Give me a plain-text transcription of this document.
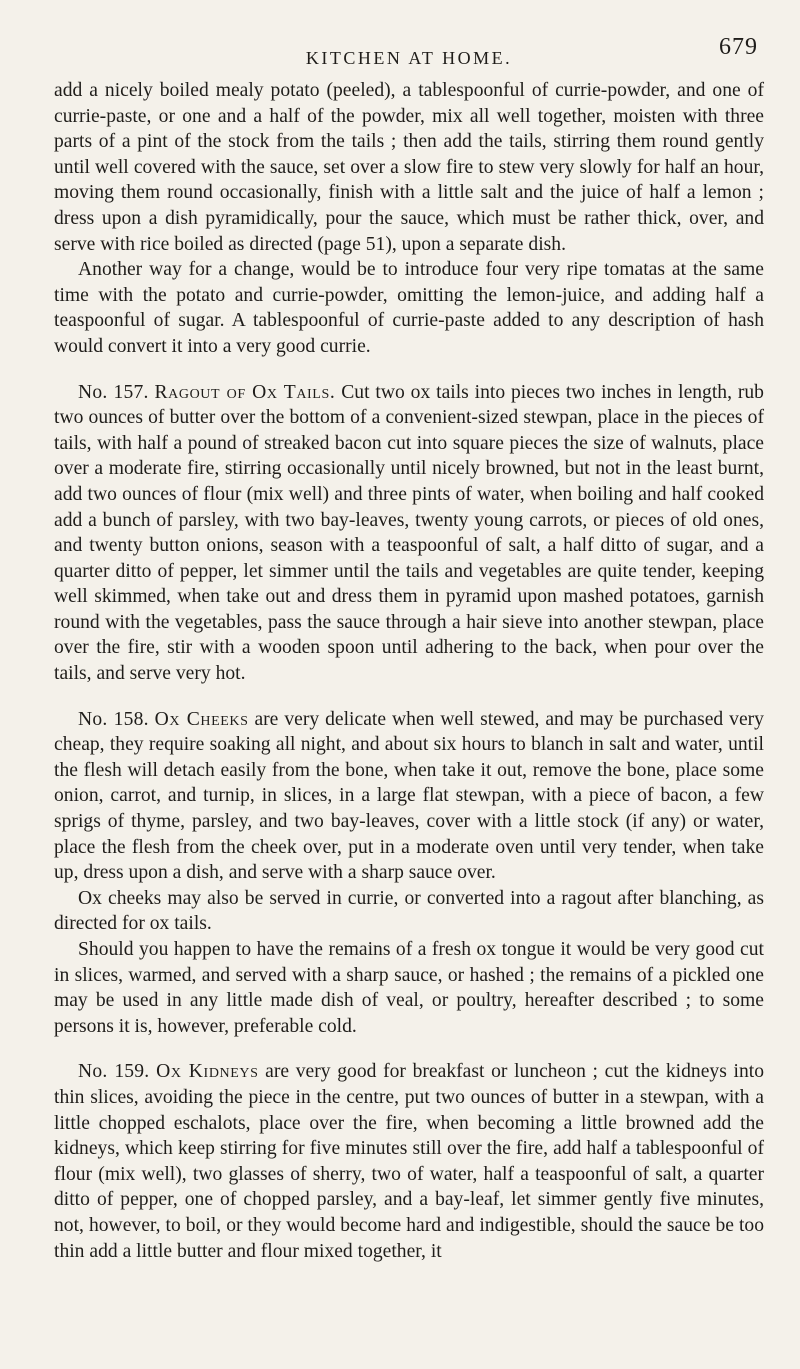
KITCHEN AT HOME.	679

add a nicely boiled mealy potato (peeled), a tablespoonful of currie-powder, and one of currie-paste, or one and a half of the powder, mix all well together, moisten with three parts of a pint of the stock from the tails ; then add the tails, stirring them round gently until well covered with the sauce, set over a slow fire to stew very slowly for half an hour, moving them round occasionally, finish with a little salt and the juice of half a lemon ; dress upon a dish pyramidically, pour the sauce, which must be rather thick, over, and serve with rice boiled as directed (page 51), upon a separate dish.

Another way for a change, would be to introduce four very ripe tomatas at the same time with the potato and currie-powder, omitting the lemon-juice, and adding half a teaspoonful of sugar. A tablespoonful of currie-paste added to any description of hash would convert it into a very good currie.

No. 157. Ragout of Ox Tails. Cut two ox tails into pieces two inches in length, rub two ounces of butter over the bottom of a convenient-sized stewpan, place in the pieces of tails, with half a pound of streaked bacon cut into square pieces the size of walnuts, place over a moderate fire, stirring occasionally until nicely browned, but not in the least burnt, add two ounces of flour (mix well) and three pints of water, when boiling and half cooked add a bunch of parsley, with two bay-leaves, twenty young carrots, or pieces of old ones, and twenty button onions, season with a teaspoonful of salt, a half ditto of sugar, and a quarter ditto of pepper, let simmer until the tails and vegetables are quite tender, keeping well skimmed, when take out and dress them in pyramid upon mashed potatoes, garnish round with the vegetables, pass the sauce through a hair sieve into another stewpan, place over the fire, stir with a wooden spoon until adhering to the back, when pour over the tails, and serve very hot.

No. 158. Ox Cheeks are very delicate when well stewed, and may be purchased very cheap, they require soaking all night, and about six hours to blanch in salt and water, until the flesh will detach easily from the bone, when take it out, remove the bone, place some onion, carrot, and turnip, in slices, in a large flat stewpan, with a piece of bacon, a few sprigs of thyme, parsley, and two bay-leaves, cover with a little stock (if any) or water, place the flesh from the cheek over, put in a moderate oven until very tender, when take up, dress upon a dish, and serve with a sharp sauce over.

Ox cheeks may also be served in currie, or converted into a ragout after blanching, as directed for ox tails.

Should you happen to have the remains of a fresh ox tongue it would be very good cut in slices, warmed, and served with a sharp sauce, or hashed ; the remains of a pickled one may be used in any little made dish of veal, or poultry, hereafter described ; to some persons it is, however, preferable cold.

No. 159. Ox Kidneys are very good for breakfast or luncheon ; cut the kidneys into thin slices, avoiding the piece in the centre, put two ounces of butter in a stewpan, with a little chopped eschalots, place over the fire, when becoming a little browned add the kidneys, which keep stirring for five minutes still over the fire, add half a tablespoonful of flour (mix well), two glasses of sherry, two of water, half a teaspoonful of salt, a quarter ditto of pepper, one of chopped parsley, and a bay-leaf, let simmer gently five minutes, not, however, to boil, or they would become hard and indigestible, should the sauce be too thin add a little butter and flour mixed together, it
